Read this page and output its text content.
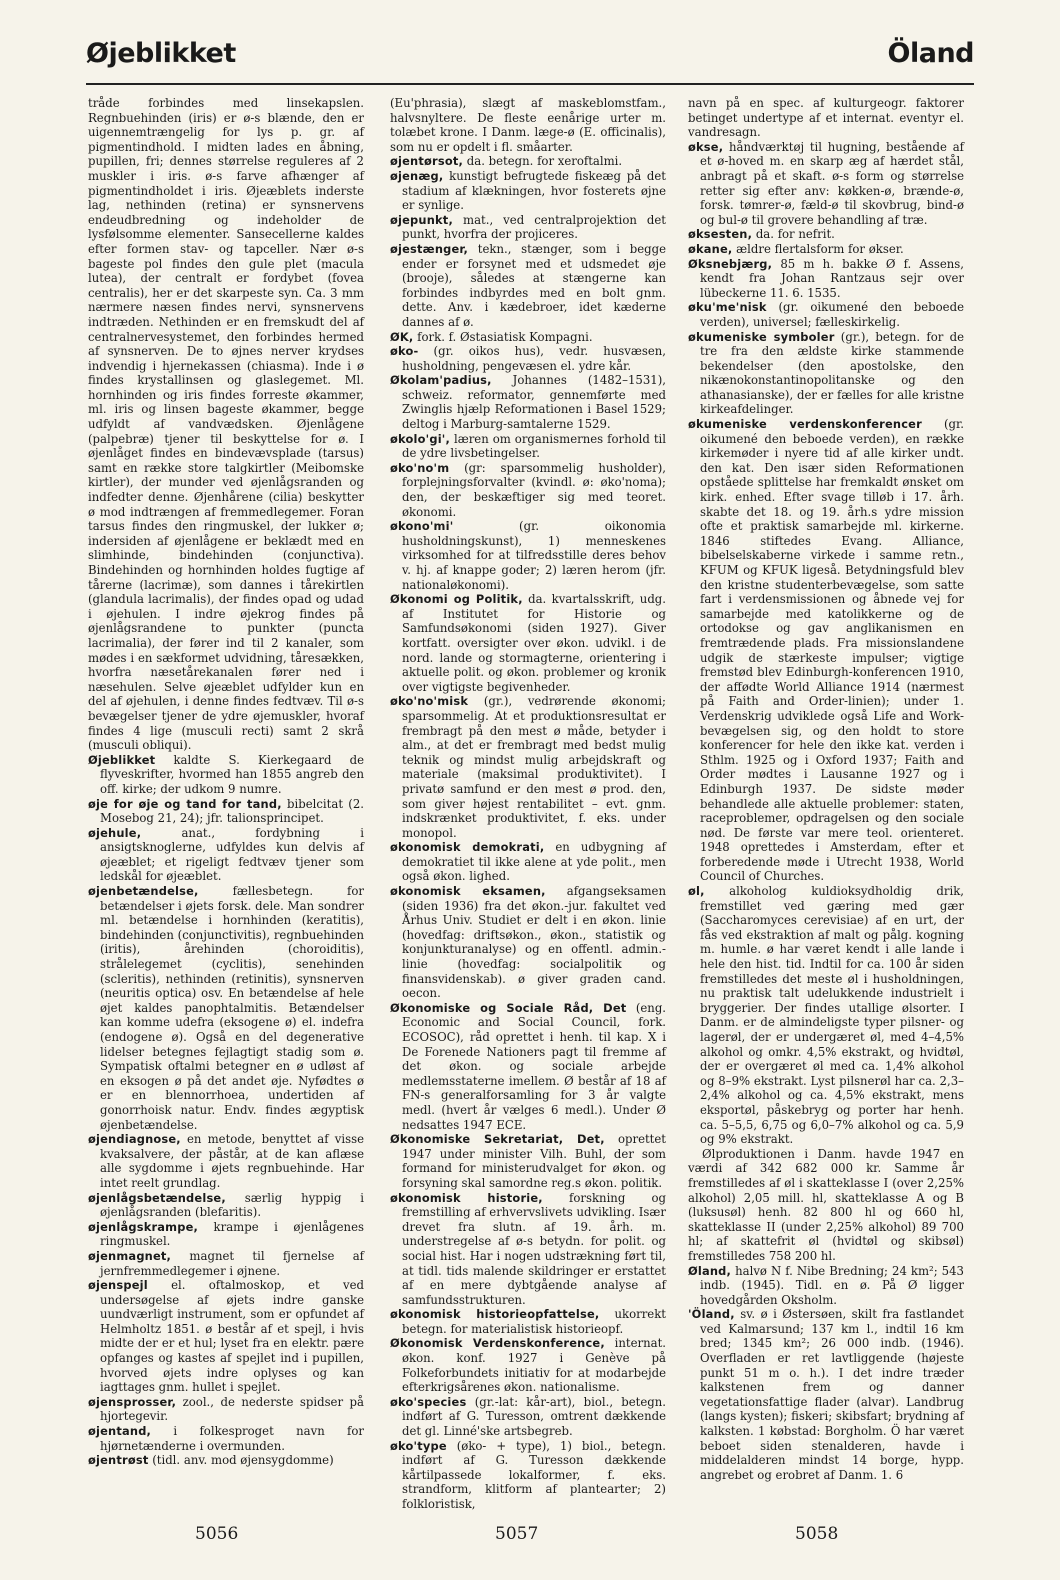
Øjeblikket	Öland

tråde forbindes med linsekapslen. Regnbuehinden (iris) er ø-s blænde, den er uigennemtrængelig for lys p. gr. af pigmentindhold. I midten lades en åbning, pupillen, fri; dennes størrelse reguleres af 2 muskler i iris. ø-s farve afhænger af pigmentindholdet i iris. Øjeæblets inderste lag, nethinden (retina) er synsnervens endeudbredning og indeholder de lysfølsomme elementer. Sansecellerne kaldes efter formen stav- og tapceller. Nær ø-s bageste pol findes den gule plet (macula lutea), der centralt er fordybet (fovea centralis), her er det skarpeste syn. Ca. 3 mm nærmere næsen findes nervi, synsnervens indtræden. Nethinden er en fremskudt del af centralnervesystemet, den forbindes hermed af synsnerven. De to øjnes nerver krydses indvendig i hjernekassen (chiasma). Inde i ø findes krystallinsen og glaslegemet. Ml. hornhinden og iris findes forreste økammer, ml. iris og linsen bageste økammer, begge udfyldt af vandvædsken. Øjenlågene (palpebræ) tjener til beskyttelse for ø. I øjenlåget findes en bindevævsplade (tarsus) samt en række store talgkirtler (Meibomske kirtler), der munder ved øjenlågsranden og indfedter denne. Øjenhårene (cilia) beskytter ø mod indtrængen af fremmedlegemer. Foran tarsus findes den ringmuskel, der lukker ø; indersiden af øjenlågene er beklædt med en slimhinde, bindehinden (conjunctiva). Bindehinden og hornhinden holdes fugtige af tårerne (lacrimæ), som dannes i tårekirtlen (glandula lacrimalis), der findes opad og udad i øjehulen. I indre øjekrog findes på øjenlågsrandene to punkter (puncta lacrimalia), der fører ind til 2 kanaler, som mødes i en sækformet udvidning, tåresækken, hvorfra næsetårekanalen fører ned i næsehulen. Selve øjeæblet udfylder kun en del af øjehulen, i denne findes fedtvæv. Til ø-s bevægelser tjener de ydre øjemuskler, hvoraf findes 4 lige (musculi recti) samt 2 skrå (musculi obliqui).

Øjeblikket kaldte S. Kierkegaard de flyveskrifter, hvormed han 1855 angreb den off. kirke; der udkom 9 numre.

øje for øje og tand for tand, bibelcitat (2. Mosebog 21, 24); jfr. talionsprincipet.

øjehule,	anat., fordybning i ansigtsknoglerne, udfyldes kun delvis af øjeæblet; et rigeligt fedtvæv tjener som ledskål for øjeæblet.

øjenbetændelse,	fællesbetegn. for betændelser i øjets forsk. dele. Man sondrer ml. betændelse i hornhinden (keratitis), bindehinden (conjunctivitis), regnbuehinden (iritis), årehinden (choroiditis), strålelegemet (cyclitis), senehinden (scleritis), nethinden (retinitis), synsnerven (neuritis optica) osv. En betændelse af hele øjet kaldes panophtalmitis. Betændelser kan komme udefra (eksogene ø) el. indefra (endogene ø). Også en del degenerative lidelser betegnes fejlagtigt stadig som ø. Sympatisk oftalmi betegner en ø udløst af en eksogen ø på det andet øje. Nyfødtes ø er en blennorrhoea, undertiden af gonorrhoisk natur. Endv. findes ægyptisk øjenbetændelse.

øjendiagnose, en metode, benyttet af visse kvaksalvere, der påstår, at de kan aflæse alle sygdomme i øjets regnbuehinde. Har intet reelt grundlag.

øjenlågsbetændelse, særlig hyppig i øjenlågsranden (blefaritis).

øjenlågskrampe, krampe i øjenlågenes ringmuskel.

øjenmagnet, magnet til fjernelse af jernfremmedlegemer i øjnene.

øjenspejl el. oftalmoskop, et ved undersøgelse af øjets indre ganske uundværligt instrument, som er opfundet af Helmholtz 1851. ø består af et spejl, i hvis midte der er et hul; lyset fra en elektr. pære opfanges og kastes af spejlet ind i pupillen, hvorved øjets indre oplyses og kan iagttages gnm. hullet i spejlet.

øjensprosser, zool., de nederste spidser på hjortegevir.

øjentand, i folkesproget navn for hjørnetænderne i overmunden.

øjentrøst (tidl. anv. mod øjensygdomme)

(Eu'phrasia), slægt af maskeblomstfam., halvsnyltere. De fleste eenårige urter m. tolæbet krone. I Danm. læge-ø (E. officinalis), som nu er opdelt i fl. småarter.

øjentørsot, da. betegn. for xeroftalmi.

øjenæg, kunstigt befrugtede fiskeæg på det stadium af klækningen, hvor fosterets øjne er synlige.

øjepunkt, mat., ved centralprojektion det punkt, hvorfra der projiceres.

øjestænger, tekn., stænger, som i begge ender er forsynet med et udsmedet øje (brooje), således at stængerne kan forbindes indbyrdes med en bolt gnm. dette. Anv. i kædebroer, idet kæderne dannes af ø.

ØK, fork. f. Østasiatisk Kompagni.

øko- (gr. oikos hus), vedr. husvæsen, husholdning, pengevæsen el. ydre kår.

Økolam'padius, Johannes (1482–1531), schweiz. reformator, gennemførte med Zwinglis hjælp Reformationen i Basel 1529; deltog i Marburg-samtalerne 1529.

økolo'gi', læren om organismernes forhold til de ydre livsbetingelser.

øko'no'm (gr: sparsommelig husholder), forplejningsforvalter (kvindl. ø: øko'noma); den, der beskæftiger sig med teoret. økonomi.

økono'mi'	(gr. oikonomia husholdningskunst), 1) menneskenes virksomhed for at tilfredsstille deres behov v. hj. af knappe goder; 2) læren herom (jfr. nationaløkonomi).

Økonomi og Politik, da. kvartalsskrift, udg. af Institutet for Historie og Samfundsøkonomi (siden 1927). Giver kortfatt. oversigter over økon. udvikl. i de nord. lande og stormagterne, orientering i aktuelle polit. og økon. problemer og kronik over vigtigste begivenheder.

øko'no'misk (gr.), vedrørende økonomi; sparsommelig. At et produktionsresultat er frembragt på den mest ø måde, betyder i alm., at det er frembragt med bedst mulig teknik og mindst mulig arbejdskraft og materiale (maksimal produktivitet). I privatø samfund er den mest ø prod. den, som giver højest rentabilitet – evt. gnm. indskrænket produktivitet, f. eks. under monopol.

økonomisk demokrati, en udbygning af demokratiet til ikke alene at yde polit., men også økon. lighed.

økonomisk eksamen, afgangseksamen (siden 1936) fra det økon.-jur. fakultet ved Århus Univ. Studiet er delt i en økon. linie (hovedfag: driftsøkon., økon., statistik og konjunkturanalyse) og en offentl. admin.-linie (hovedfag: socialpolitik og finansvidenskab). ø giver graden cand. oecon.

Økonomiske og Sociale Råd, Det (eng. Economic and Social Council, fork. ECOSOC), råd oprettet i henh. til kap. X i De Forenede Nationers pagt til fremme af det økon. og sociale arbejde medlemsstaterne imellem. Ø består af 18 af FN-s generalforsamling for 3 år valgte medl. (hvert år vælges 6 medl.). Under Ø nedsattes 1947 ECE.

Økonomiske Sekretariat, Det, oprettet 1947 under minister Vilh. Buhl, der som formand for ministerudvalget for økon. og forsyning skal samordne reg.s økon. politik.

økonomisk historie, forskning og fremstilling af erhvervslivets udvikling. Især drevet fra slutn. af 19. årh. m. understregelse af ø-s betydn. for polit. og social hist. Har i nogen udstrækning ført til, at tidl. tids malende skildringer er erstattet af en mere dybtgående analyse af samfundsstrukturen.

økonomisk historieopfattelse, ukorrekt betegn. for materialistisk historieopf.

Økonomisk Verdenskonference, internat. økon. konf. 1927 i Genève på Folkeforbundets initiativ for at modarbejde efterkrigsårenes økon. nationalisme.

øko'species (gr.-lat: kår-art), biol., betegn. indført af G. Turesson, omtrent dækkende det gl. Linné'ske artsbegreb.

øko'type (øko- + type), 1) biol., betegn. indført af G. Turesson dækkende kårtilpassede lokalformer, f. eks. strandform, klitform af plantearter; 2) folkloristisk,

navn på en spec. af kulturgeogr. faktorer betinget undertype af et internat. eventyr el. vandresagn.

økse, håndværktøj til hugning, bestående af et ø-hoved m. en skarp æg af hærdet stål, anbragt på et skaft. ø-s form og størrelse retter sig efter anv: køkken-ø, brænde-ø, forsk. tømrer-ø, fæld-ø til skovbrug, bind-ø og bul-ø til grovere behandling af træ.

øksesten, da. for nefrit.

økane, ældre flertalsform for økser.

Øksnebjærg, 85 m h. bakke Ø f. Assens, kendt fra Johan Rantzaus sejr over lübeckerne 11. 6. 1535.

øku'me'nisk (gr. oikumené den beboede verden), universel; fælleskirkelig.

økumeniske symboler (gr.), betegn. for de tre fra den ældste kirke stammende bekendelser (den apostolske, den nikænokonstantinopolitanske og den athanasianske), der er fælles for alle kristne kirkeafdelinger.

økumeniske verdenskonferencer (gr. oikumené den beboede verden), en række kirkemøder i nyere tid af alle kirker undt. den kat. Den især siden Reformationen opståede splittelse har fremkaldt ønsket om kirk. enhed. Efter svage tilløb i 17. årh. skabte det 18. og 19. årh.s ydre mission ofte et praktisk samarbejde ml. kirkerne. 1846 stiftedes Evang. Alliance, bibelselskaberne virkede i samme retn., KFUM og KFUK ligeså. Betydningsfuld blev den kristne studenterbevægelse, som satte fart i verdensmissionen og åbnede vej for samarbejde med katolikkerne og de ortodokse og gav anglikanismen en fremtrædende plads. Fra missionslandene udgik de stærkeste impulser; vigtige fremstød blev Edinburgh-konferencen 1910, der affødte World Alliance 1914 (nærmest på Faith and Order-linien); under 1. Verdenskrig udviklede også Life and Work-bevægelsen sig, og den holdt to store konferencer for hele den ikke kat. verden i Sthlm. 1925 og i Oxford 1937; Faith and Order mødtes i Lausanne 1927 og i Edinburgh 1937. De sidste møder behandlede alle aktuelle problemer: staten, raceproblemer, opdragelsen og den sociale nød. De første var mere teol. orienteret. 1948 oprettedes i Amsterdam, efter et forberedende møde i Utrecht 1938, World Council of Churches.

øl, alkoholog kuldioksydholdig drik, fremstillet ved gæring med gær (Saccharomyces cerevisiae) af en urt, der fås ved ekstraktion af malt og pålg. kogning m. humle. ø har været kendt i alle lande i hele den hist. tid. Indtil for ca. 100 år siden fremstilledes det meste øl i husholdningen, nu praktisk talt udelukkende industrielt i bryggerier. Der findes utallige ølsorter. I Danm. er de almindeligste typer pilsner- og lagerøl, der er undergæret øl, med 4–4,5% alkohol og omkr. 4,5% ekstrakt, og hvidtøl, der er overgæret øl med ca. 1,4% alkohol og 8–9% ekstrakt. Lyst pilsnerøl har ca. 2,3–2,4% alkohol og ca. 4,5% ekstrakt, mens eksportøl, påskebryg og porter har henh. ca. 5–5,5, 6,75 og 6,0–7% alkohol og ca. 5,9 og 9% ekstrakt.

Ølproduktionen i Danm. havde 1947 en værdi af 342 682 000 kr. Samme år fremstilledes af øl i skatteklasse I (over 2,25% alkohol) 2,05 mill. hl, skatteklasse A og B (luksusøl) henh. 82 800 hl og 660 hl, skatteklasse II (under 2,25% alkohol) 89 700 hl; af skattefrit øl (hvidtøl og skibsøl) fremstilledes 758 200 hl.

Øland, halvø N f. Nibe Bredning; 24 km²; 543 indb. (1945). Tidl. en ø. På Ø ligger hovedgården Oksholm.

'Öland, sv. ø i Østersøen, skilt fra fastlandet ved Kalmarsund; 137 km l., indtil 16 km bred; 1345 km²; 26 000 indb. (1946). Overfladen er ret lavtliggende (højeste punkt 51 m o. h.). I det indre træder kalkstenen frem og danner vegetationsfattige flader (alvar). Landbrug (langs kysten); fiskeri; skibsfart; brydning af kalksten. 1 købstad: Borgholm. Ö har været beboet siden stenalderen, havde i middelalderen mindst 14 borge, hypp. angrebet og erobret af Danm. 1. 6

5056	5057	5058
